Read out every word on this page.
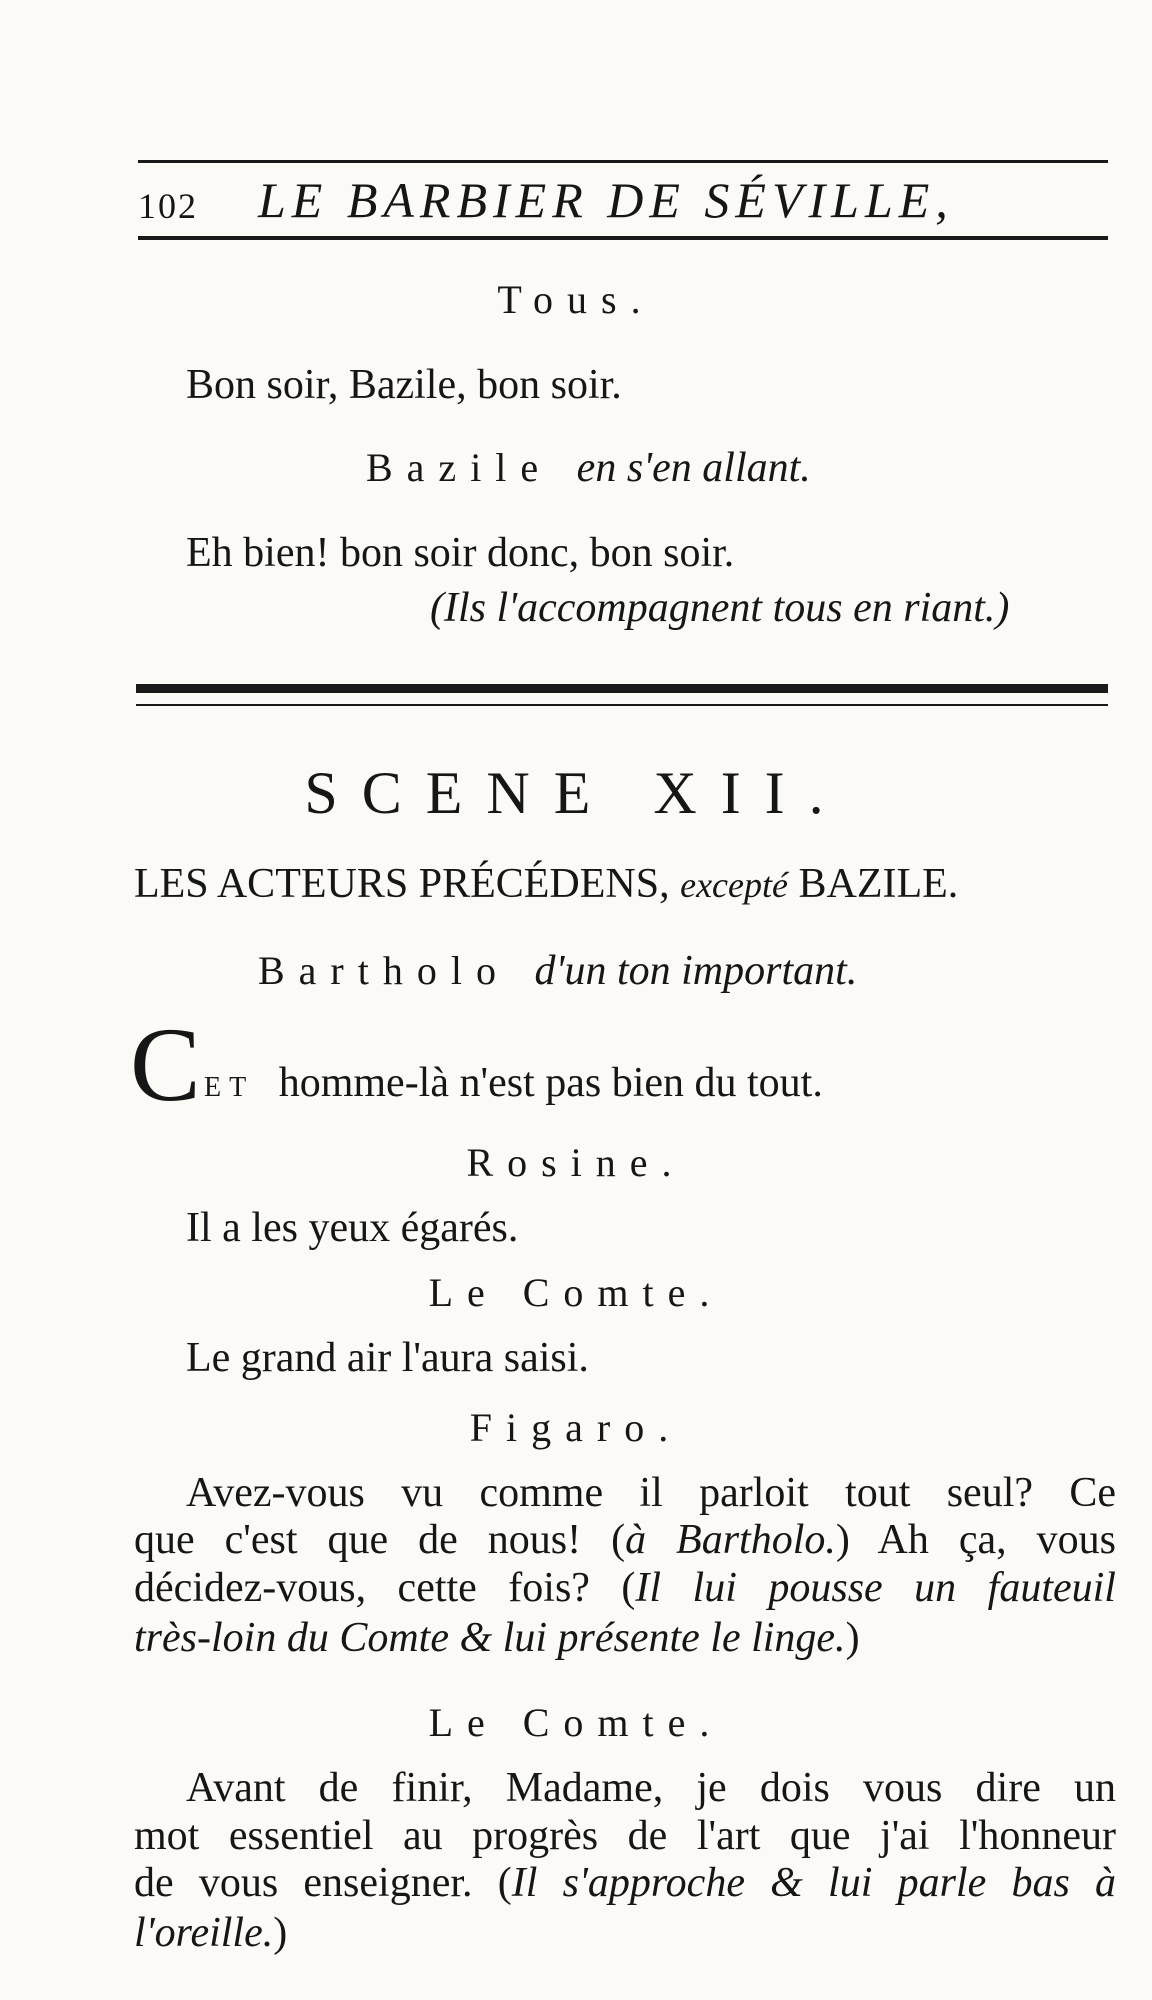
102 LE BARBIER DE SÉVILLE,
Tous.
Bon soir, Bazile, bon soir.
Bazile en s'en allant.
Eh bien! bon soir donc, bon soir.
(Ils l'accompagnent tous en riant.)
SCENE XII.
LES ACTEURS PRÉCÉDENS, excepté BAZILE.
Bartholo d'un ton important.
C ET homme-là n'est pas bien du tout.
Rosine.
Il a les yeux égarés.
Le Comte.
Le grand air l'aura saisi.
Figaro.
Avez-vous vu comme il parloit tout seul? Ce
que c'est que de nous! (à Bartholo.) Ah ça, vous
décidez-vous, cette fois? (Il lui pousse un fauteuil
très-loin du Comte & lui présente le linge.)
Le Comte.
Avant de finir, Madame, je dois vous dire un
mot essentiel au progrès de l'art que j'ai l'honneur
de vous enseigner. (Il s'approche & lui parle bas à
l'oreille.)
